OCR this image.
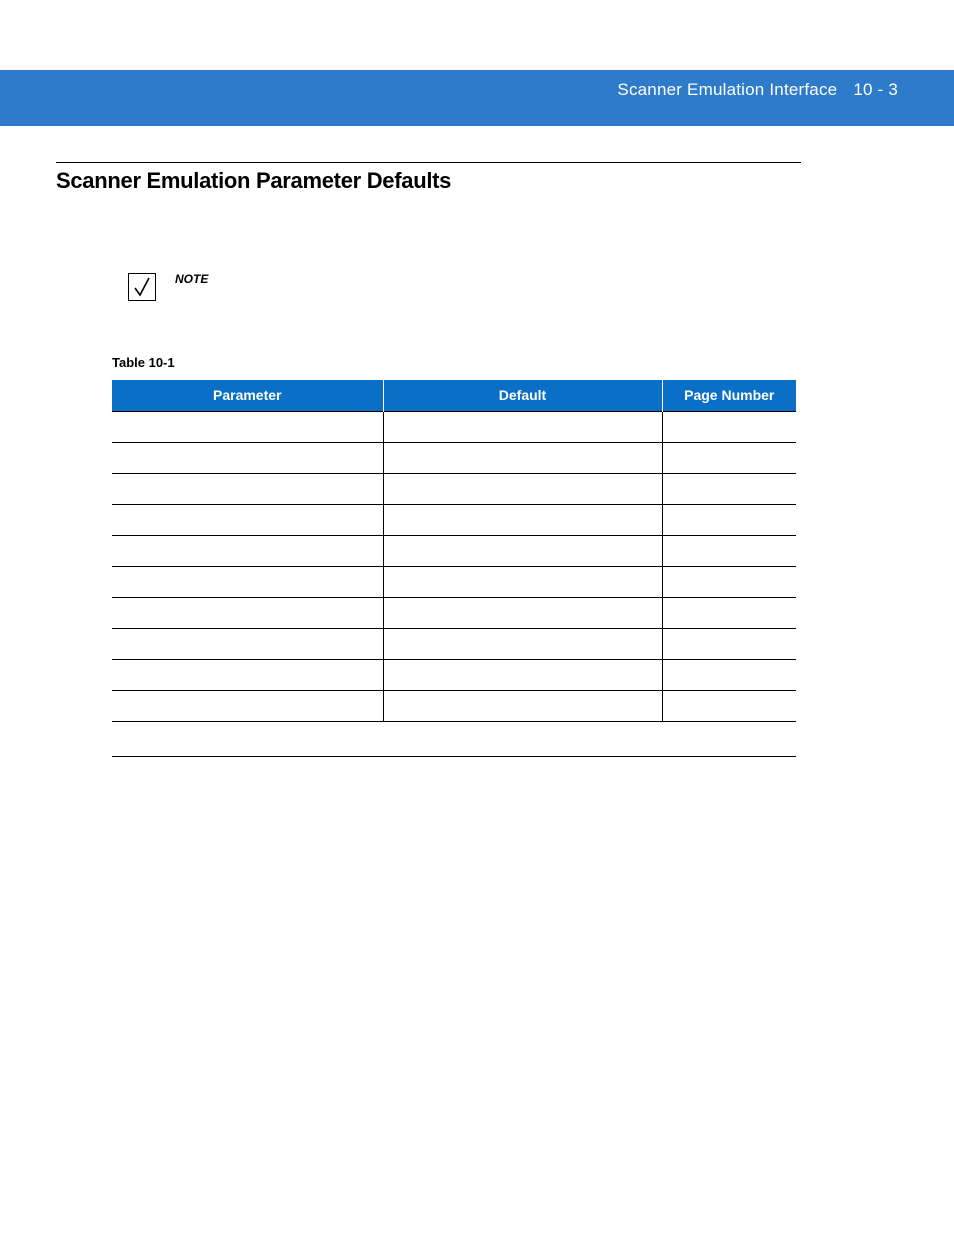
Scanner Emulation Interface 10 - 3
Scanner Emulation Parameter Defaults
NOTE
Table 10-1
Parameter	Default	Page Number
